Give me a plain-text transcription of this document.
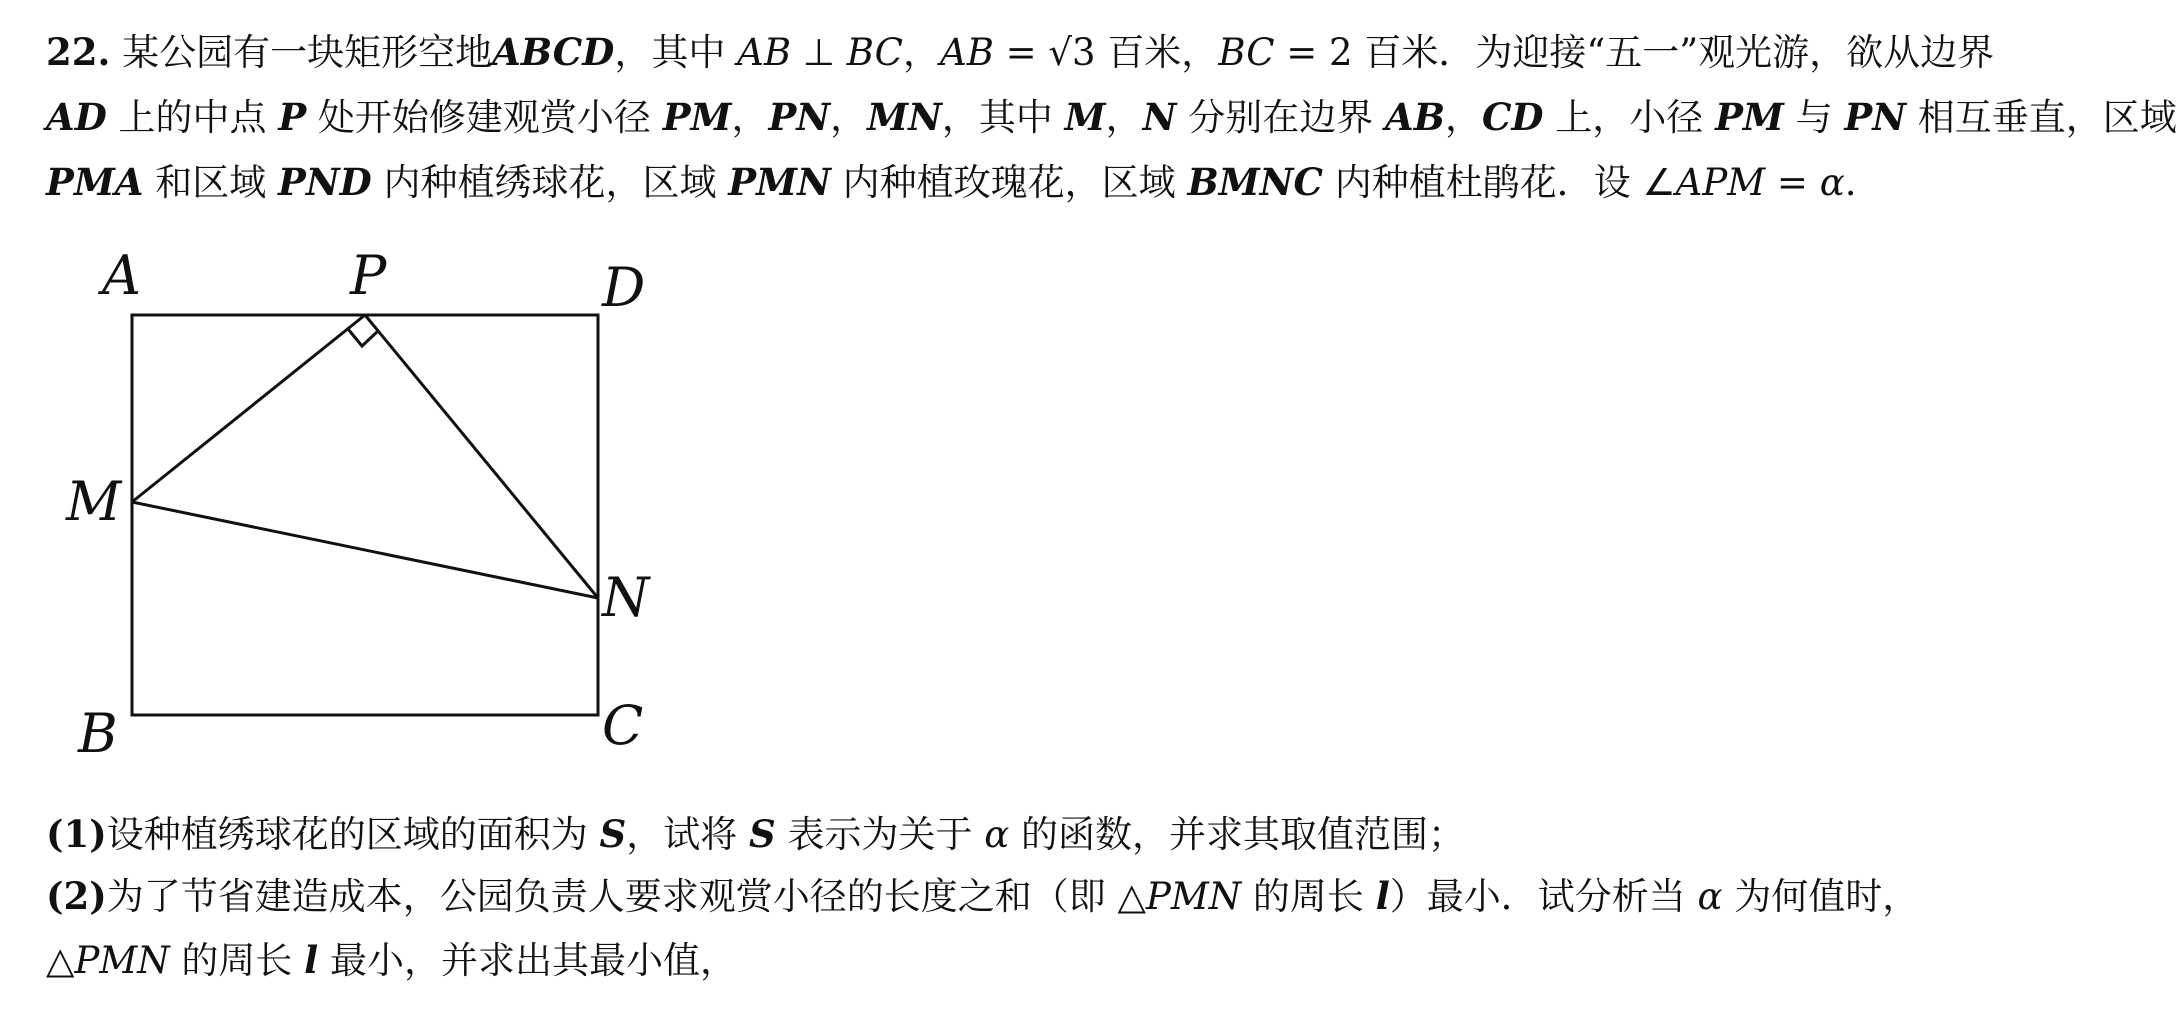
22. 某公园有一块矩形空地ABCD，其中 AB ⊥ BC，AB = √3 百米，BC = 2 百米．为迎接“五一”观光游，欲从边界
AD 上的中点 P 处开始修建观赏小径 PM，PN，MN，其中 M，N 分别在边界 AB，CD 上，小径 PM 与 PN 相互垂直，区域
PMA 和区域 PND 内种植绣球花，区域 PMN 内种植玫瑰花，区域 BMNC 内种植杜鹃花．设 ∠APM = α.
A	P	D
M
N
B	C
(1)设种植绣球花的区域的面积为 S，试将 S 表示为关于 α 的函数，并求其取值范围；
(2)为了节省建造成本，公园负责人要求观赏小径的长度之和（即 △PMN 的周长 l）最小．试分析当 α 为何值时，
△PMN 的周长 l 最小，并求出其最小值，
